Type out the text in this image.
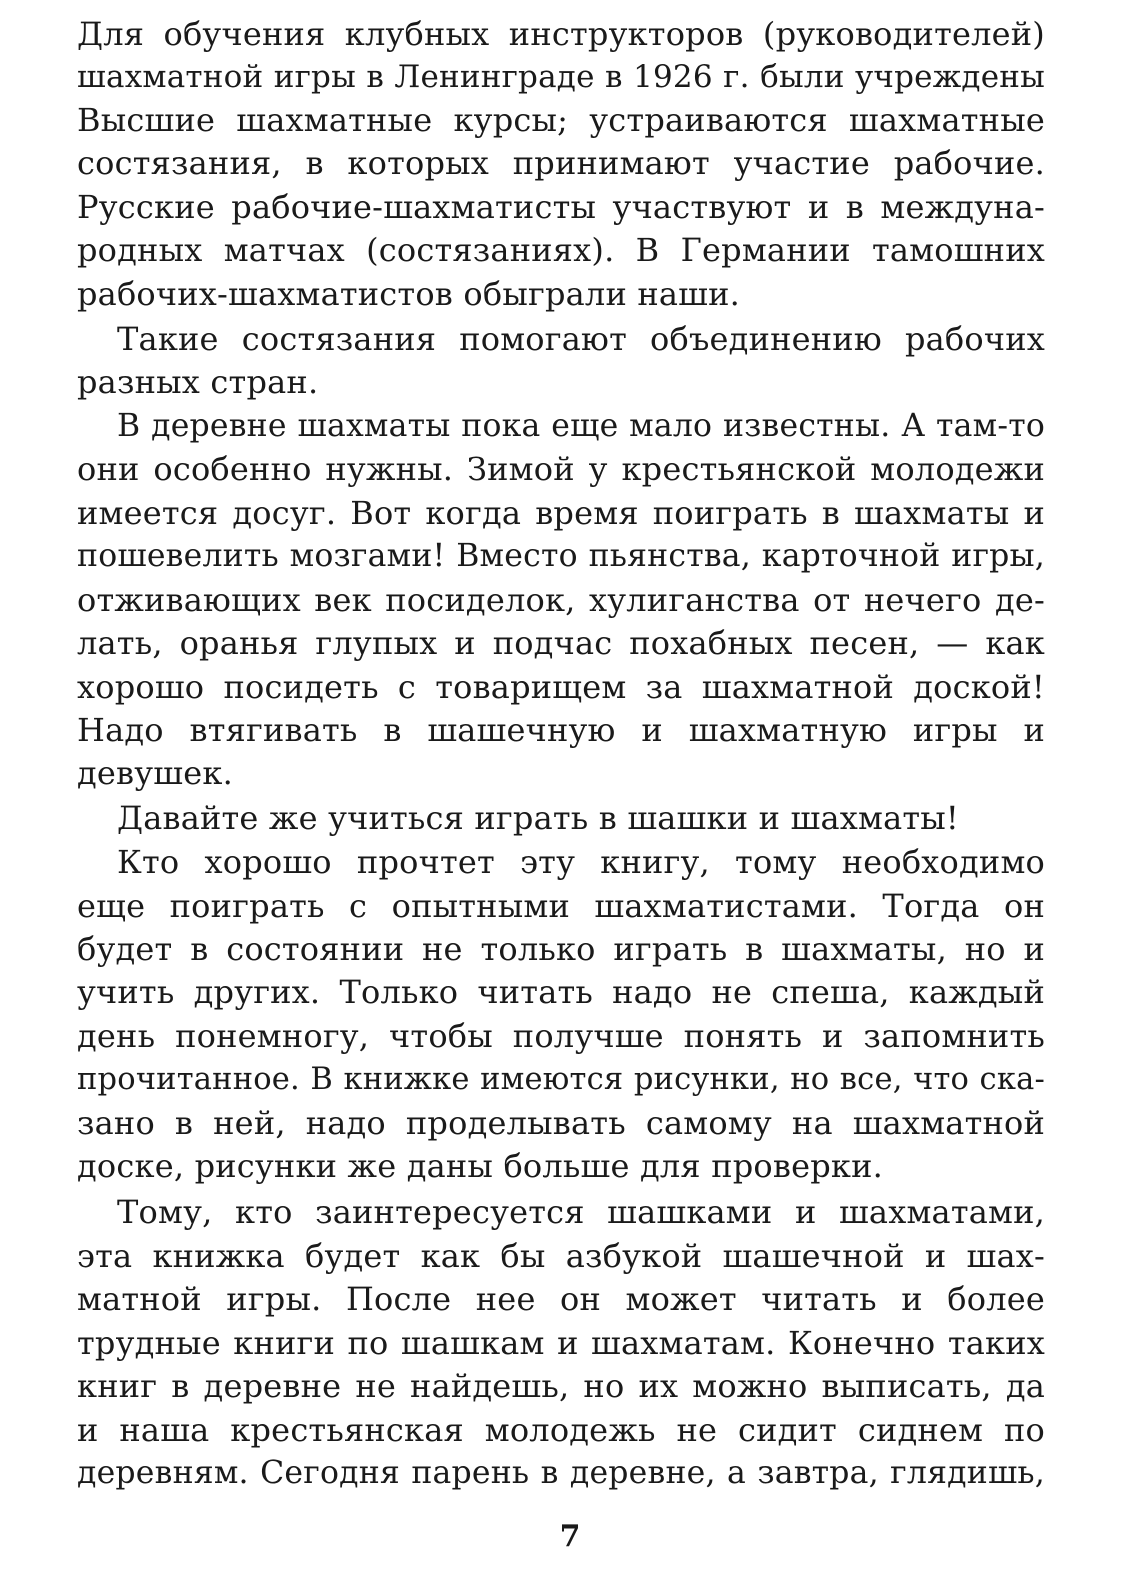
Для обучения клубных инструкторов (руководителей)
шахматной игры в Ленинграде в 1926 г. были учреждены
Высшие шахматные курсы; устраиваются шахматные
состязания, в которых принимают участие рабочие.
Русские рабочие-шахматисты участвуют и в междуна-
родных матчах (состязаниях). В Германии тамошних
рабочих-шахматистов обыграли наши.
Такие состязания помогают объединению рабочих
разных стран.
В деревне шахматы пока еще мало известны. А там-то
они особенно нужны. Зимой у крестьянской молодежи
имеется досуг. Вот когда время поиграть в шахматы и
пошевелить мозгами! Вместо пьянства, карточной игры,
отживающих век посиделок, хулиганства от нечего де-
лать, оранья глупых и подчас похабных песен, — как
хорошо посидеть с товарищем за шахматной доской!
Надо втягивать в шашечную и шахматную игры и
девушек.
Давайте же учиться играть в шашки и шахматы!
Кто хорошо прочтет эту книгу, тому необходимо
еще поиграть с опытными шахматистами. Тогда он
будет в состоянии не только играть в шахматы, но и
учить других. Только читать надо не спеша, каждый
день понемногу, чтобы получше понять и запомнить
прочитанное. В книжке имеются рисунки, но все, что ска-
зано в ней, надо проделывать самому на шахматной
доске, рисунки же даны больше для проверки.
Тому, кто заинтересуется шашками и шахматами,
эта книжка будет как бы азбукой шашечной и шах-
матной игры. После нее он может читать и более
трудные книги по шашкам и шахматам. Конечно таких
книг в деревне не найдешь, но их можно выписать, да
и наша крестьянская молодежь не сидит сиднем по
деревням. Сегодня парень в деревне, а завтра, глядишь,
7
